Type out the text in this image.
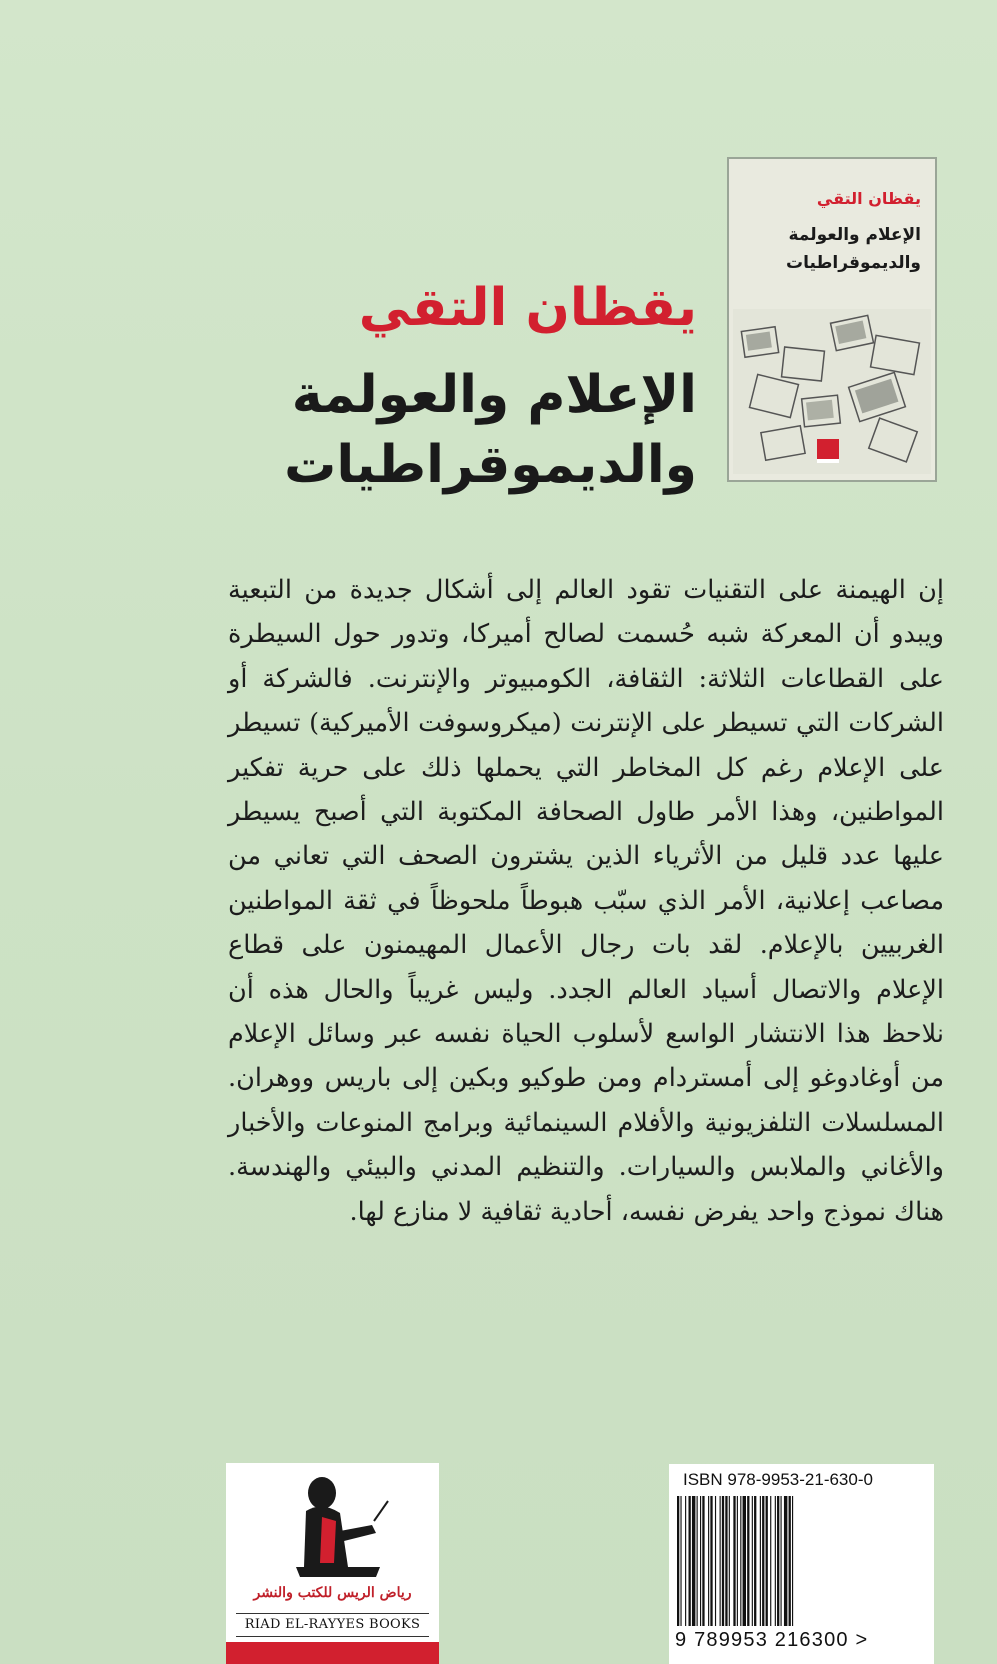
يقظان التقي
الإعلام والعولمة
والديموقراطيات
يقظان التقي
الإعلام والعولمة
والديموقراطيات
إن الهيمنة على التقنيات تقود العالم إلى أشكال جديدة من التبعية ويبدو أن المعركة شبه حُسمت لصالح أميركا، وتدور حول السيطرة على القطاعات الثلاثة: الثقافة، الكومبيوتر والإنترنت. فالشركة أو الشركات التي تسيطر على الإنترنت (ميكروسوفت الأميركية) تسيطر على الإعلام رغم كل المخاطر التي يحملها ذلك على حرية تفكير المواطنين، وهذا الأمر طاول الصحافة المكتوبة التي أصبح يسيطر عليها عدد قليل من الأثرياء الذين يشترون الصحف التي تعاني من مصاعب إعلانية، الأمر الذي سبّب هبوطاً ملحوظاً في ثقة المواطنين الغربيين بالإعلام. لقد بات رجال الأعمال المهيمنون على قطاع الإعلام والاتصال أسياد العالم الجدد. وليس غريباً والحال هذه أن نلاحظ هذا الانتشار الواسع لأسلوب الحياة نفسه عبر وسائل الإعلام من أوغادوغو إلى أمستردام ومن طوكيو وبكين إلى باريس ووهران. المسلسلات التلفزيونية والأفلام السينمائية وبرامج المنوعات والأخبار والأغاني والملابس والسيارات. والتنظيم المدني والبيئي والهندسة. هناك نموذج واحد يفرض نفسه، أحادية ثقافية لا منازع لها.
رياض الريس للكتب والنشر
RIAD EL-RAYYES BOOKS
ISBN 978-9953-21-630-0
9 789953 216300 >
